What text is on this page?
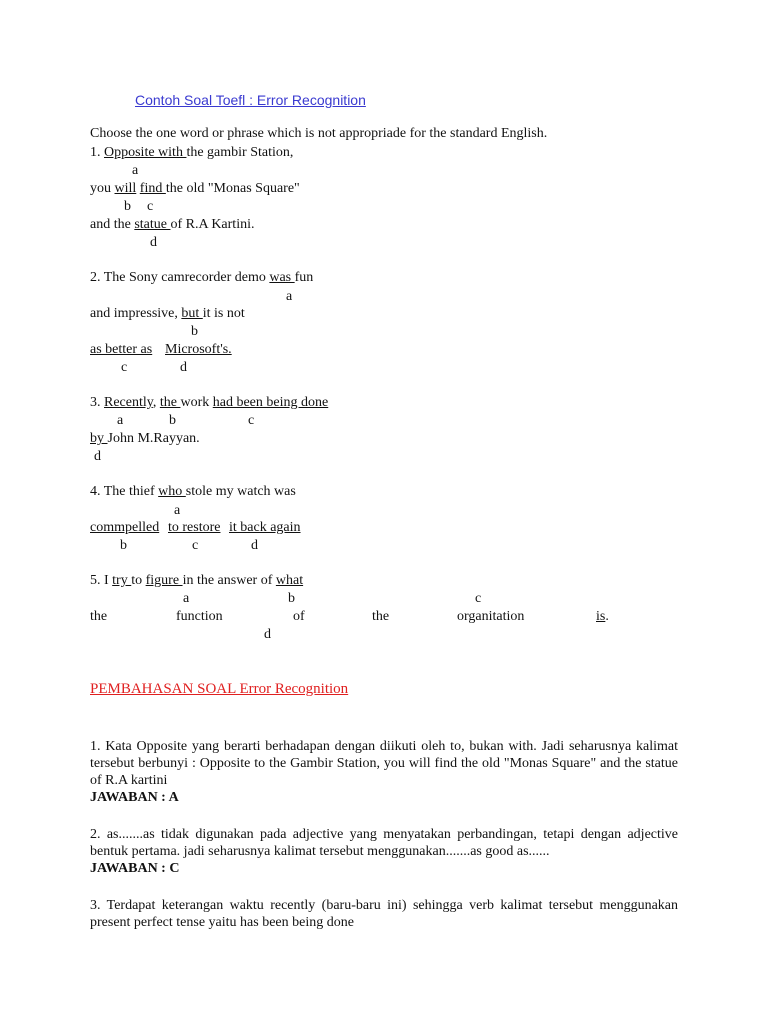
Contoh Soal Toefl : Error Recognition
Choose the one word or phrase which is not appropriade for the standard English.
1. Opposite with the gambir Station,
a
you will find the old "Monas Square"
b c
and the statue of R.A Kartini.
d
2. The Sony camrecorder demo was fun
a
and impressive, but it is not
b
as better as Microsoft's.
c	d
3. Recently, the work had been being done
a	b	c
by John M.Rayyan.
d
4. The thief who stole my watch was
a
commpelled to restore it back again
b	c	d
5. I try to figure in the answer of what
a	b	c
the	function	of	the	organitation	is.
d
PEMBAHASAN SOAL Error Recognition
1. Kata Opposite yang berarti berhadapan dengan diikuti oleh to, bukan with. Jadi seharusnya kalimat tersebut berbunyi : Opposite to the Gambir Station, you will find the old "Monas Square" and the statue of R.A kartini
JAWABAN : A
2. as.......as tidak digunakan pada adjective yang menyatakan perbandingan, tetapi dengan adjective bentuk pertama. jadi seharusnya kalimat tersebut menggunakan.......as good as......
JAWABAN : C
3. Terdapat keterangan waktu recently (baru-baru ini) sehingga verb kalimat tersebut menggunakan present perfect tense yaitu has been being done
